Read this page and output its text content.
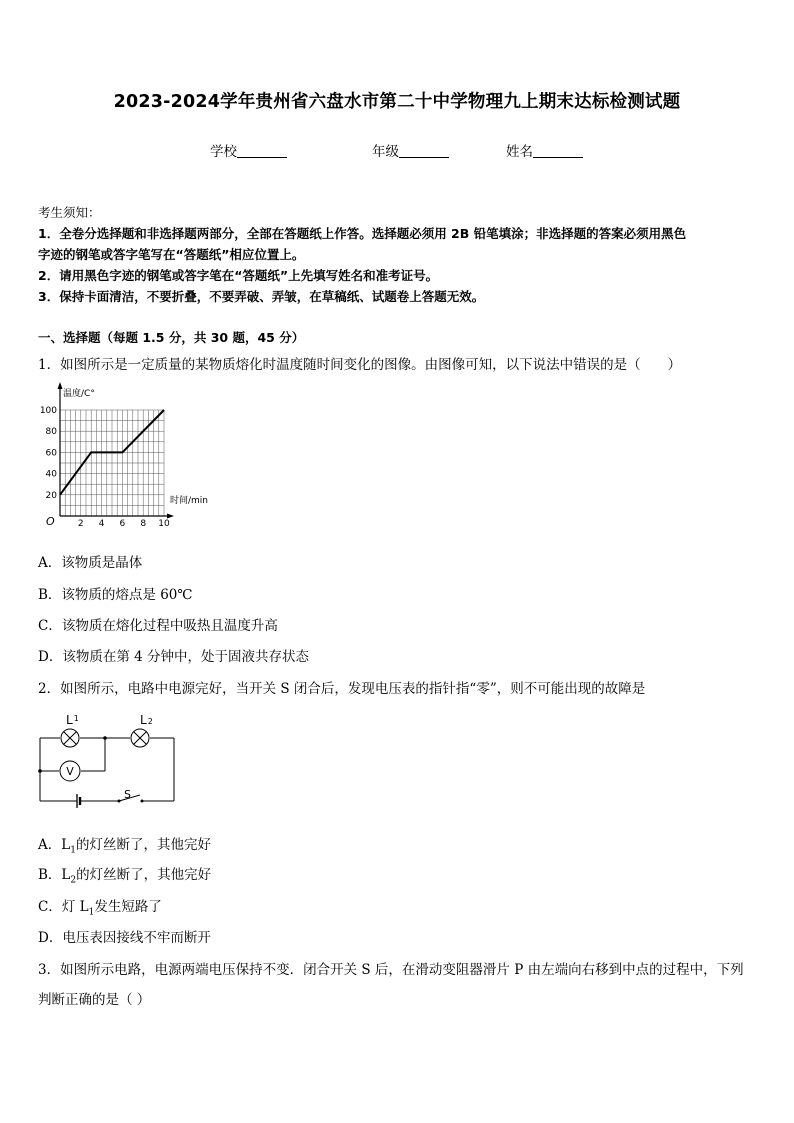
2023-2024学年贵州省六盘水市第二十中学物理九上期末达标检测试题
学校	年级	姓名
考生须知：
1．全卷分选择题和非选择题两部分，全部在答题纸上作答。选择题必须用 2B 铅笔填涂；非选择题的答案必须用黑色
字迹的钢笔或答字笔写在“答题纸”相应位置上。
2．请用黑色字迹的钢笔或答字笔在“答题纸”上先填写姓名和准考证号。
3．保持卡面清洁，不要折叠，不要弄破、弄皱，在草稿纸、试题卷上答题无效。
一、选择题（每题 1.5 分，共 30 题，45 分）
1．如图所示是一定质量的某物质熔化时温度随时间变化的图像。由图像可知，以下说法中错误的是（　　）
20
40
60
80
100
2 4 6 8 10
温度/C°
时间/min
O
A．该物质是晶体
B．该物质的熔点是 60℃
C．该物质在熔化过程中吸热且温度升高
D．该物质在第 4 分钟中，处于固液共存状态
2．如图所示，电路中电源完好，当开关 S 闭合后，发现电压表的指针指“零”，则不可能出现的故障是
S
$L^1$	L2
V
A．$L_1$的灯丝断了，其他完好
B．$L_2$的灯丝断了，其他完好
C．灯 $L_1$发生短路了
D．电压表因接线不牢而断开
3．如图所示电路，电源两端电压保持不变．闭合开关 S 后，在滑动变阻器滑片 P 由左端向右移到中点的过程中，下列
判断正确的是（ ）
